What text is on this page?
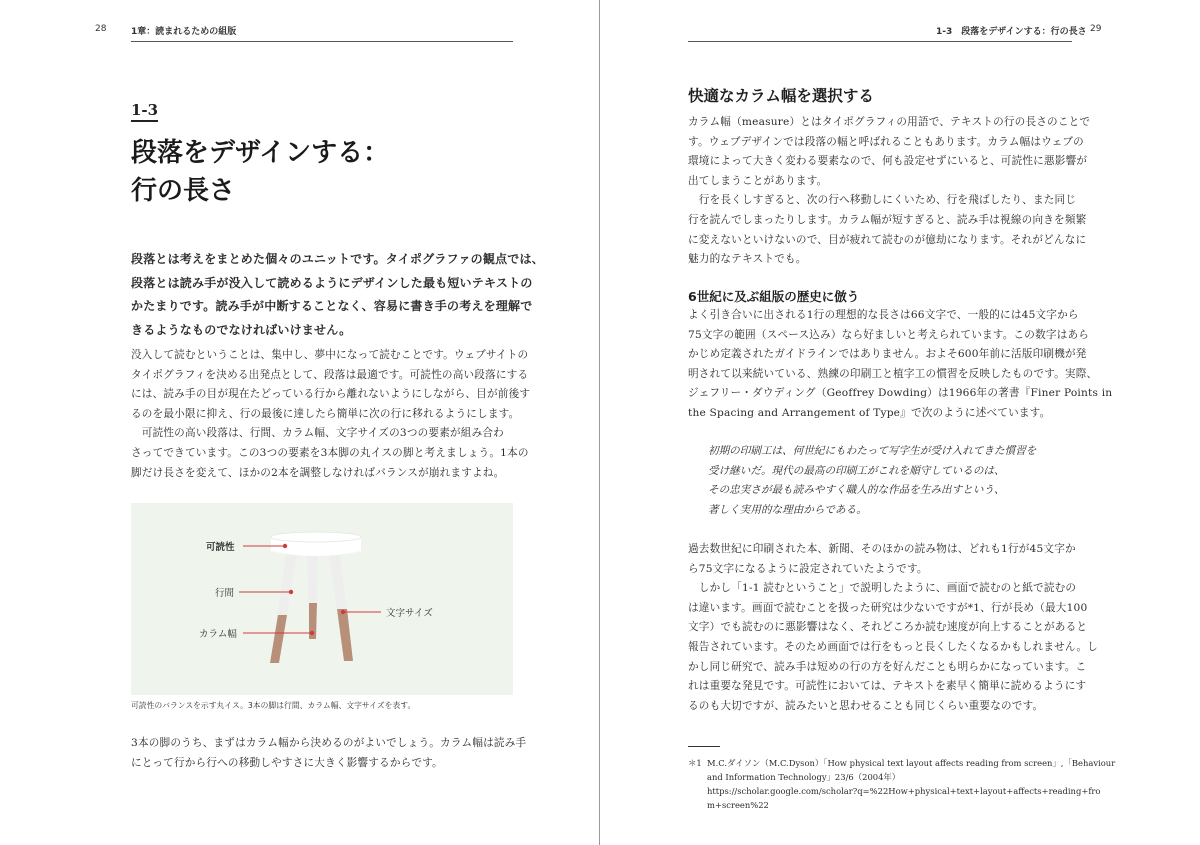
28	1章：読まれるための組版
1-3
段落をデザインする：
行の長さ

段落とは考えをまとめた個々のユニットです。タイポグラファの観点では、

段落とは読み手が没入して読めるようにデザインした最も短いテキストの

かたまりです。読み手が中断することなく、容易に書き手の考えを理解で

きるようなものでなければいけません。

没入して読むということは、集中し、夢中になって読むことです。ウェブサイトの

タイポグラフィを決める出発点として、段落は最適です。可読性の高い段落にする

には、読み手の目が現在たどっている行から離れないようにしながら、目が前後す

るのを最小限に抑え、行の最後に達したら簡単に次の行に移れるようにします。

　可読性の高い段落は、行間、カラム幅、文字サイズの3つの要素が組み合わ

さってできています。この3つの要素を3本脚の丸イスの脚と考えましょう。1本の

脚だけ長さを変えて、ほかの2本を調整しなければバランスが崩れますよね。

可読性
行間
カラム幅
文字サイズ
可読性のバランスを示す丸イス。3本の脚は行間、カラム幅、文字サイズを表す。

3本の脚のうち、まずはカラム幅から決めるのがよいでしょう。カラム幅は読み手

にとって行から行への移動しやすさに大きく影響するからです。

1-3　段落をデザインする：行の長さ 29
快適なカラム幅を選択する

カラム幅（measure）とはタイポグラフィの用語で、テキストの行の長さのことで

す。ウェブデザインでは段落の幅と呼ばれることもあります。カラム幅はウェブの

環境によって大きく変わる要素なので、何も設定せずにいると、可読性に悪影響が

出てしまうことがあります。

　行を長くしすぎると、次の行へ移動しにくいため、行を飛ばしたり、また同じ

行を読んでしまったりします。カラム幅が短すぎると、読み手は視線の向きを頻繁

に変えないといけないので、目が疲れて読むのが億劫になります。それがどんなに

魅力的なテキストでも。

6世紀に及ぶ組版の歴史に倣う

よく引き合いに出される1行の理想的な長さは66文字で、一般的には45文字から

75文字の範囲（スペース込み）なら好ましいと考えられています。この数字はあら

かじめ定義されたガイドラインではありません。およそ600年前に活版印刷機が発

明されて以来続いている、熟練の印刷工と植字工の慣習を反映したものです。実際、

ジェフリー・ダウディング（Geoffrey Dowding）は1966年の著書『Finer Points in

the Spacing and Arrangement of Type』で次のように述べています。

初期の印刷工は、何世紀にもわたって写字生が受け入れてきた慣習を

受け継いだ。現代の最高の印刷工がこれを順守しているのは、

その忠実さが最も読みやすく職人的な作品を生み出すという、

著しく実用的な理由からである。

過去数世紀に印刷された本、新聞、そのほかの読み物は、どれも1行が45文字か

ら75文字になるように設定されていたようです。

　しかし「1-1 読むということ」で説明したように、画面で読むのと紙で読むの

は違います。画面で読むことを扱った研究は少ないですが*1、行が長め（最大100

文字）でも読むのに悪影響はなく、それどころか読む速度が向上することがあると

報告されています。そのため画面では行をもっと長くしたくなるかもしれません。し

かし同じ研究で、読み手は短めの行の方を好んだことも明らかになっています。こ

れは重要な発見です。可読性においては、テキストを素早く簡単に読めるようにす

るのも大切ですが、読みたいと思わせることも同じくらい重要なのです。

＊1 M.C.ダイソン（M.C.Dyson）「How physical text layout affects reading from screen」,「Behaviour

and Information Technology」23/6（2004年）

https://scholar.google.com/scholar?q=%22How+physical+text+layout+affects+reading+fro

m+screen%22
